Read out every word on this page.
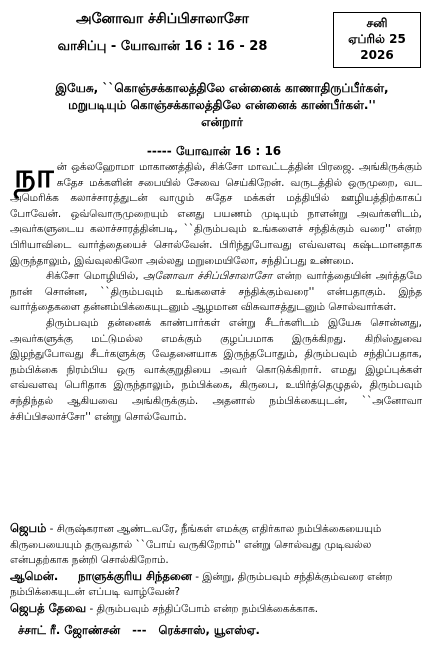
அனோவா ச்சிப்பிசாலாசோ
வாசிப்பு - யோவான் 16 : 16 - 28
சனி
ஏப்ரில் 25
2026
இயேசு, ``கொஞ்சக்காலத்திலே என்னைக் காணாதிருப்பீர்கள், மறுபடியும் கொஞ்சக்காலத்திலே என்னைக் காண்பீர்கள்.'' என்றார்
----- யோவான் 16 : 16

நான் ஒக்லஹோமா மாகாணத்தில், சிக்சோ மாவட்டத்தின் பிரஜை. அங்கிருக்கும் சுதேச மக்களின் சபையில் சேவை செய்கிறேன். வருடத்தில் ஒருமுறை, வட அமெரிக்க கலாச்சாரத்துடன் வாழும் சுதேச மக்கள் மத்தியில் ஊழியத்திற்காகப் போவேன். ஒவ்வொருமுறையும் எனது பயணம் முடியும் நாளன்று அவர்களிடம், அவர்களுடைய கலாச்சாரத்தின்படி, ``திரும்பவும் உங்களைச் சந்திக்கும் வரை'' என்ற பிரியாவிடை வார்த்தையைச் சொல்வேன். பிரிந்துபோவது எவ்வளவு கஷ்டமானதாக இருந்தாலும், இவ்வுலகிலோ அல்லது மறுமையிலோ, சந்திப்பது உண்மை.

சிக்சோ மொழியில், அனோவா ச்சிப்பிசாலாசோ என்ற வார்த்தையின் அர்த்தமே நான் சொன்ன, ``திரும்பவும் உங்களைச் சந்திக்கும்வரை'' என்பதாகும். இந்த வார்த்தைகளை தன்னம்பிக்கையுடனும் ஆழமான விசுவாசத்துடனும் சொல்வார்கள்.

திரும்பவும் தன்னைக் காண்பார்கள் என்று சீடர்களிடம் இயேசு சொன்னது, அவர்களுக்கு மட்டுமல்ல எமக்கும் குழப்பமாக இருக்கிறது. கிறிஸ்துவை இழந்துபோவது சீடர்களுக்கு வேதனையாக இருந்தபோதும், திரும்பவும் சந்திப்பதாக, நம்பிக்கை நிரம்பிய ஒரு வாக்குறுதியை அவர் கொடுக்கிறார். எமது இழப்புக்கள் எவ்வளவு பெரிதாக இருந்தாலும், நம்பிக்கை, கிருபை, உயிர்த்தெழுதல், திரும்பவும் சந்திந்தல் ஆகியவை அங்கிருக்கும். அதனால் நம்பிக்கையுடன், ``அனோவா ச்சிப்பிசலாச்சோ'' என்று சொல்வோம்.

ஜெபம் - சிருஷ்கரான ஆண்டவரே, நீங்கள் எமக்கு எதிர்கால நம்பிக்கையையும் கிருபையையும் தருவதால் ``போய் வருகிறோம்'' என்று சொல்வது முடிவல்ல என்பதற்காக நன்றி சொல்கிறோம்.

ஆமென். நாளுக்குரிய சிந்தனை - இன்று, திரும்பவும் சந்திக்கும்வரை என்ற நம்பிக்கையுடன் எப்படி வாழ்வேன்?

ஜெபத் தேவை - திரும்பவும் சந்திப்போம் என்ற நம்பிக்கைக்காக.

ச்சாட் ரீ. ஜோண்சன் --- ரெக்சாஸ், யூஎஸ்ஏ.
